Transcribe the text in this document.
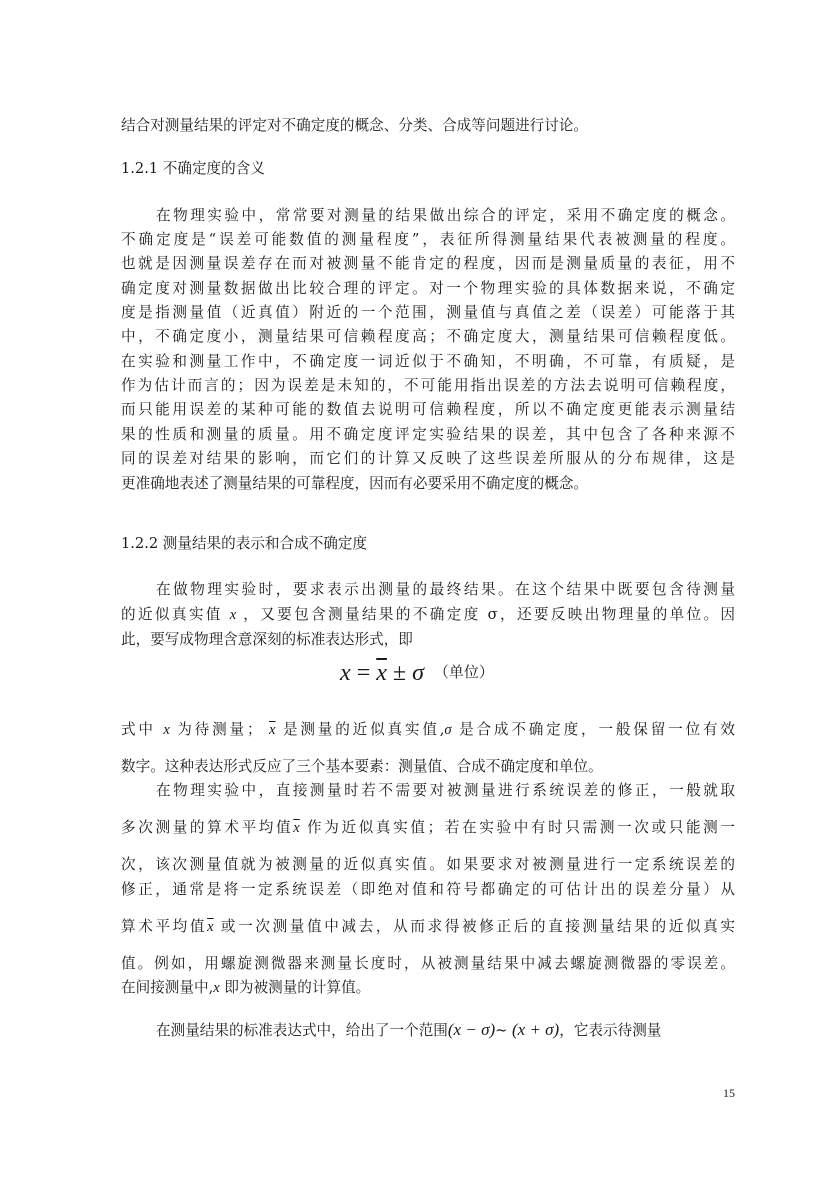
结合对测量结果的评定对不确定度的概念、分类、合成等问题进行讨论。
1.2.1 不确定度的含义
在物理实验中，常常要对测量的结果做出综合的评定，采用不确定度的概念。
不确定度是“误差可能数值的测量程度”，表征所得测量结果代表被测量的程度。
也就是因测量误差存在而对被测量不能肯定的程度，因而是测量质量的表征，用不
确定度对测量数据做出比较合理的评定。对一个物理实验的具体数据来说，不确定
度是指测量值（近真值）附近的一个范围，测量值与真值之差（误差）可能落于其
中，不确定度小，测量结果可信赖程度高；不确定度大，测量结果可信赖程度低。
在实验和测量工作中，不确定度一词近似于不确知，不明确，不可靠，有质疑，是
作为估计而言的；因为误差是未知的，不可能用指出误差的方法去说明可信赖程度，
而只能用误差的某种可能的数值去说明可信赖程度，所以不确定度更能表示测量结
果的性质和测量的质量。用不确定度评定实验结果的误差，其中包含了各种来源不
同的误差对结果的影响，而它们的计算又反映了这些误差所服从的分布规律，这是
更准确地表述了测量结果的可靠程度，因而有必要采用不确定度的概念。
1.2.2 测量结果的表示和合成不确定度
在做物理实验时，要求表示出测量的最终结果。在这个结果中既要包含待测量
的近似真实值 x ，又要包含测量结果的不确定度 σ，还要反映出物理量的单位。因
此，要写成物理含意深刻的标准表达形式，即
$x = \overline{x} \pm \sigma$ （单位）
式中 x 为待测量； $\overline{x}$ 是测量的近似真实值,σ 是合成不确定度，一般保留一位有效
数字。这种表达形式反应了三个基本要素：测量值、合成不确定度和单位。
在物理实验中，直接测量时若不需要对被测量进行系统误差的修正，一般就取
多次测量的算术平均值$\overline{x}$ 作为近似真实值；若在实验中有时只需测一次或只能测一
次，该次测量值就为被测量的近似真实值。如果要求对被测量进行一定系统误差的
修正，通常是将一定系统误差（即绝对值和符号都确定的可估计出的误差分量）从
算术平均值$\overline{x}$ 或一次测量值中减去，从而求得被修正后的直接测量结果的近似真实
值。例如，用螺旋测微器来测量长度时，从被测量结果中减去螺旋测微器的零误差。
在间接测量中,x 即为被测量的计算值。
在测量结果的标准表达式中，给出了一个范围(x − σ)~ (x + σ)，它表示待测量
15
